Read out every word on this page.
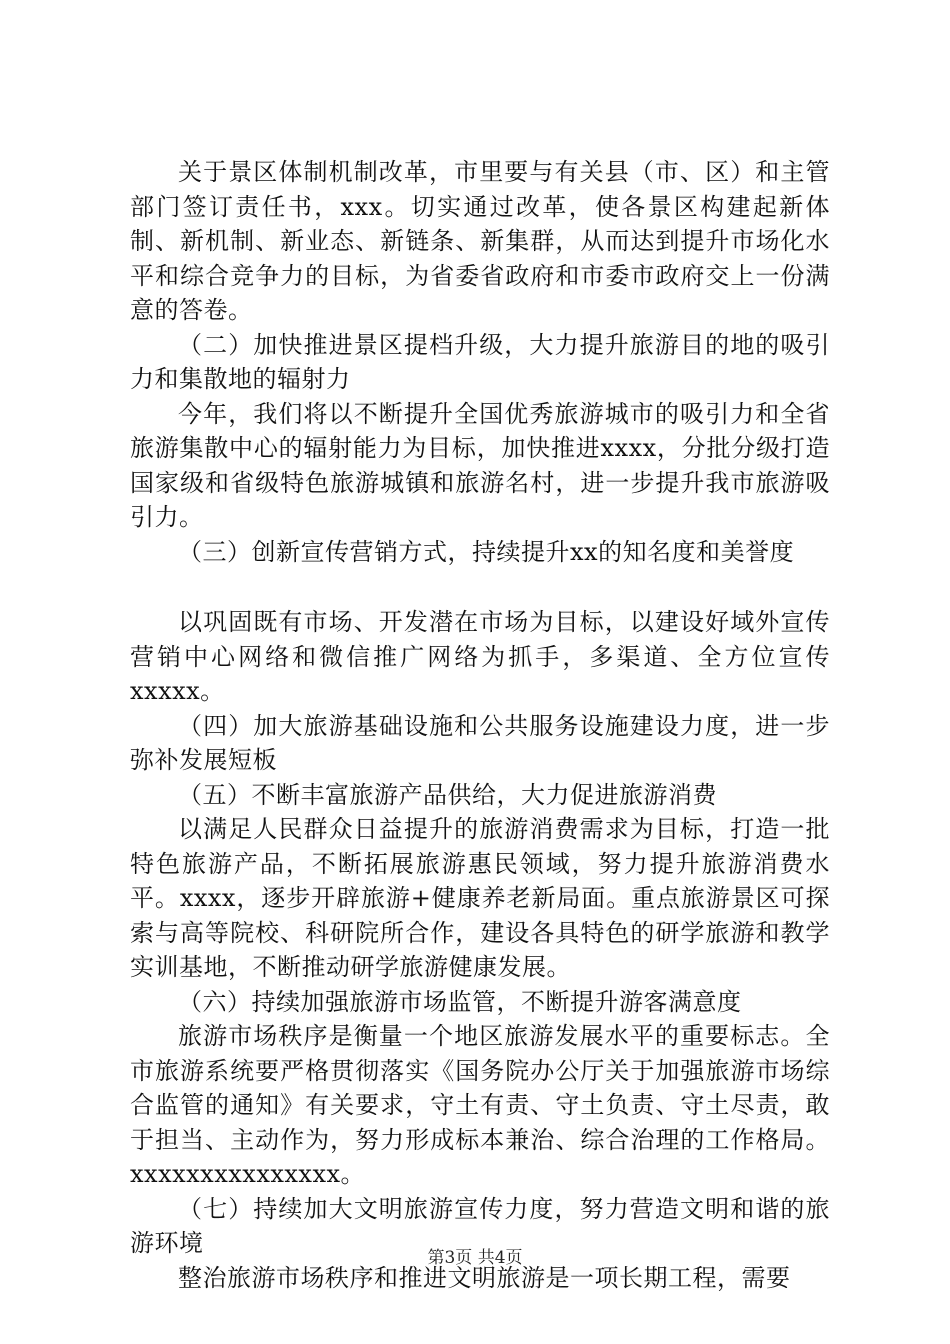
关于景区体制机制改革，市里要与有关县（市、区）和主管部门签订责任书，xxx。切实通过改革，使各景区构建起新体制、新机制、新业态、新链条、新集群，从而达到提升市场化水平和综合竞争力的目标，为省委省政府和市委市政府交上一份满意的答卷。

（二）加快推进景区提档升级，大力提升旅游目的地的吸引力和集散地的辐射力

今年，我们将以不断提升全国优秀旅游城市的吸引力和全省旅游集散中心的辐射能力为目标，加快推进xxxx，分批分级打造国家级和省级特色旅游城镇和旅游名村，进一步提升我市旅游吸引力。

（三）创新宣传营销方式，持续提升xx的知名度和美誉度

以巩固既有市场、开发潜在市场为目标，以建设好域外宣传营销中心网络和微信推广网络为抓手，多渠道、全方位宣传xxxxx。

（四）加大旅游基础设施和公共服务设施建设力度，进一步弥补发展短板

（五）不断丰富旅游产品供给，大力促进旅游消费

以满足人民群众日益提升的旅游消费需求为目标，打造一批特色旅游产品，不断拓展旅游惠民领域，努力提升旅游消费水平。xxxx，逐步开辟旅游+健康养老新局面。重点旅游景区可探索与高等院校、科研院所合作，建设各具特色的研学旅游和教学实训基地，不断推动研学旅游健康发展。

（六）持续加强旅游市场监管，不断提升游客满意度

旅游市场秩序是衡量一个地区旅游发展水平的重要标志。全市旅游系统要严格贯彻落实《国务院办公厅关于加强旅游市场综合监管的通知》有关要求，守土有责、守土负责、守土尽责，敢于担当、主动作为，努力形成标本兼治、综合治理的工作格局。xxxxxxxxxxxxxxx。

（七）持续加大文明旅游宣传力度，努力营造文明和谐的旅游环境

整治旅游市场秩序和推进文明旅游是一项长期工程，需要

第3页 共4页
